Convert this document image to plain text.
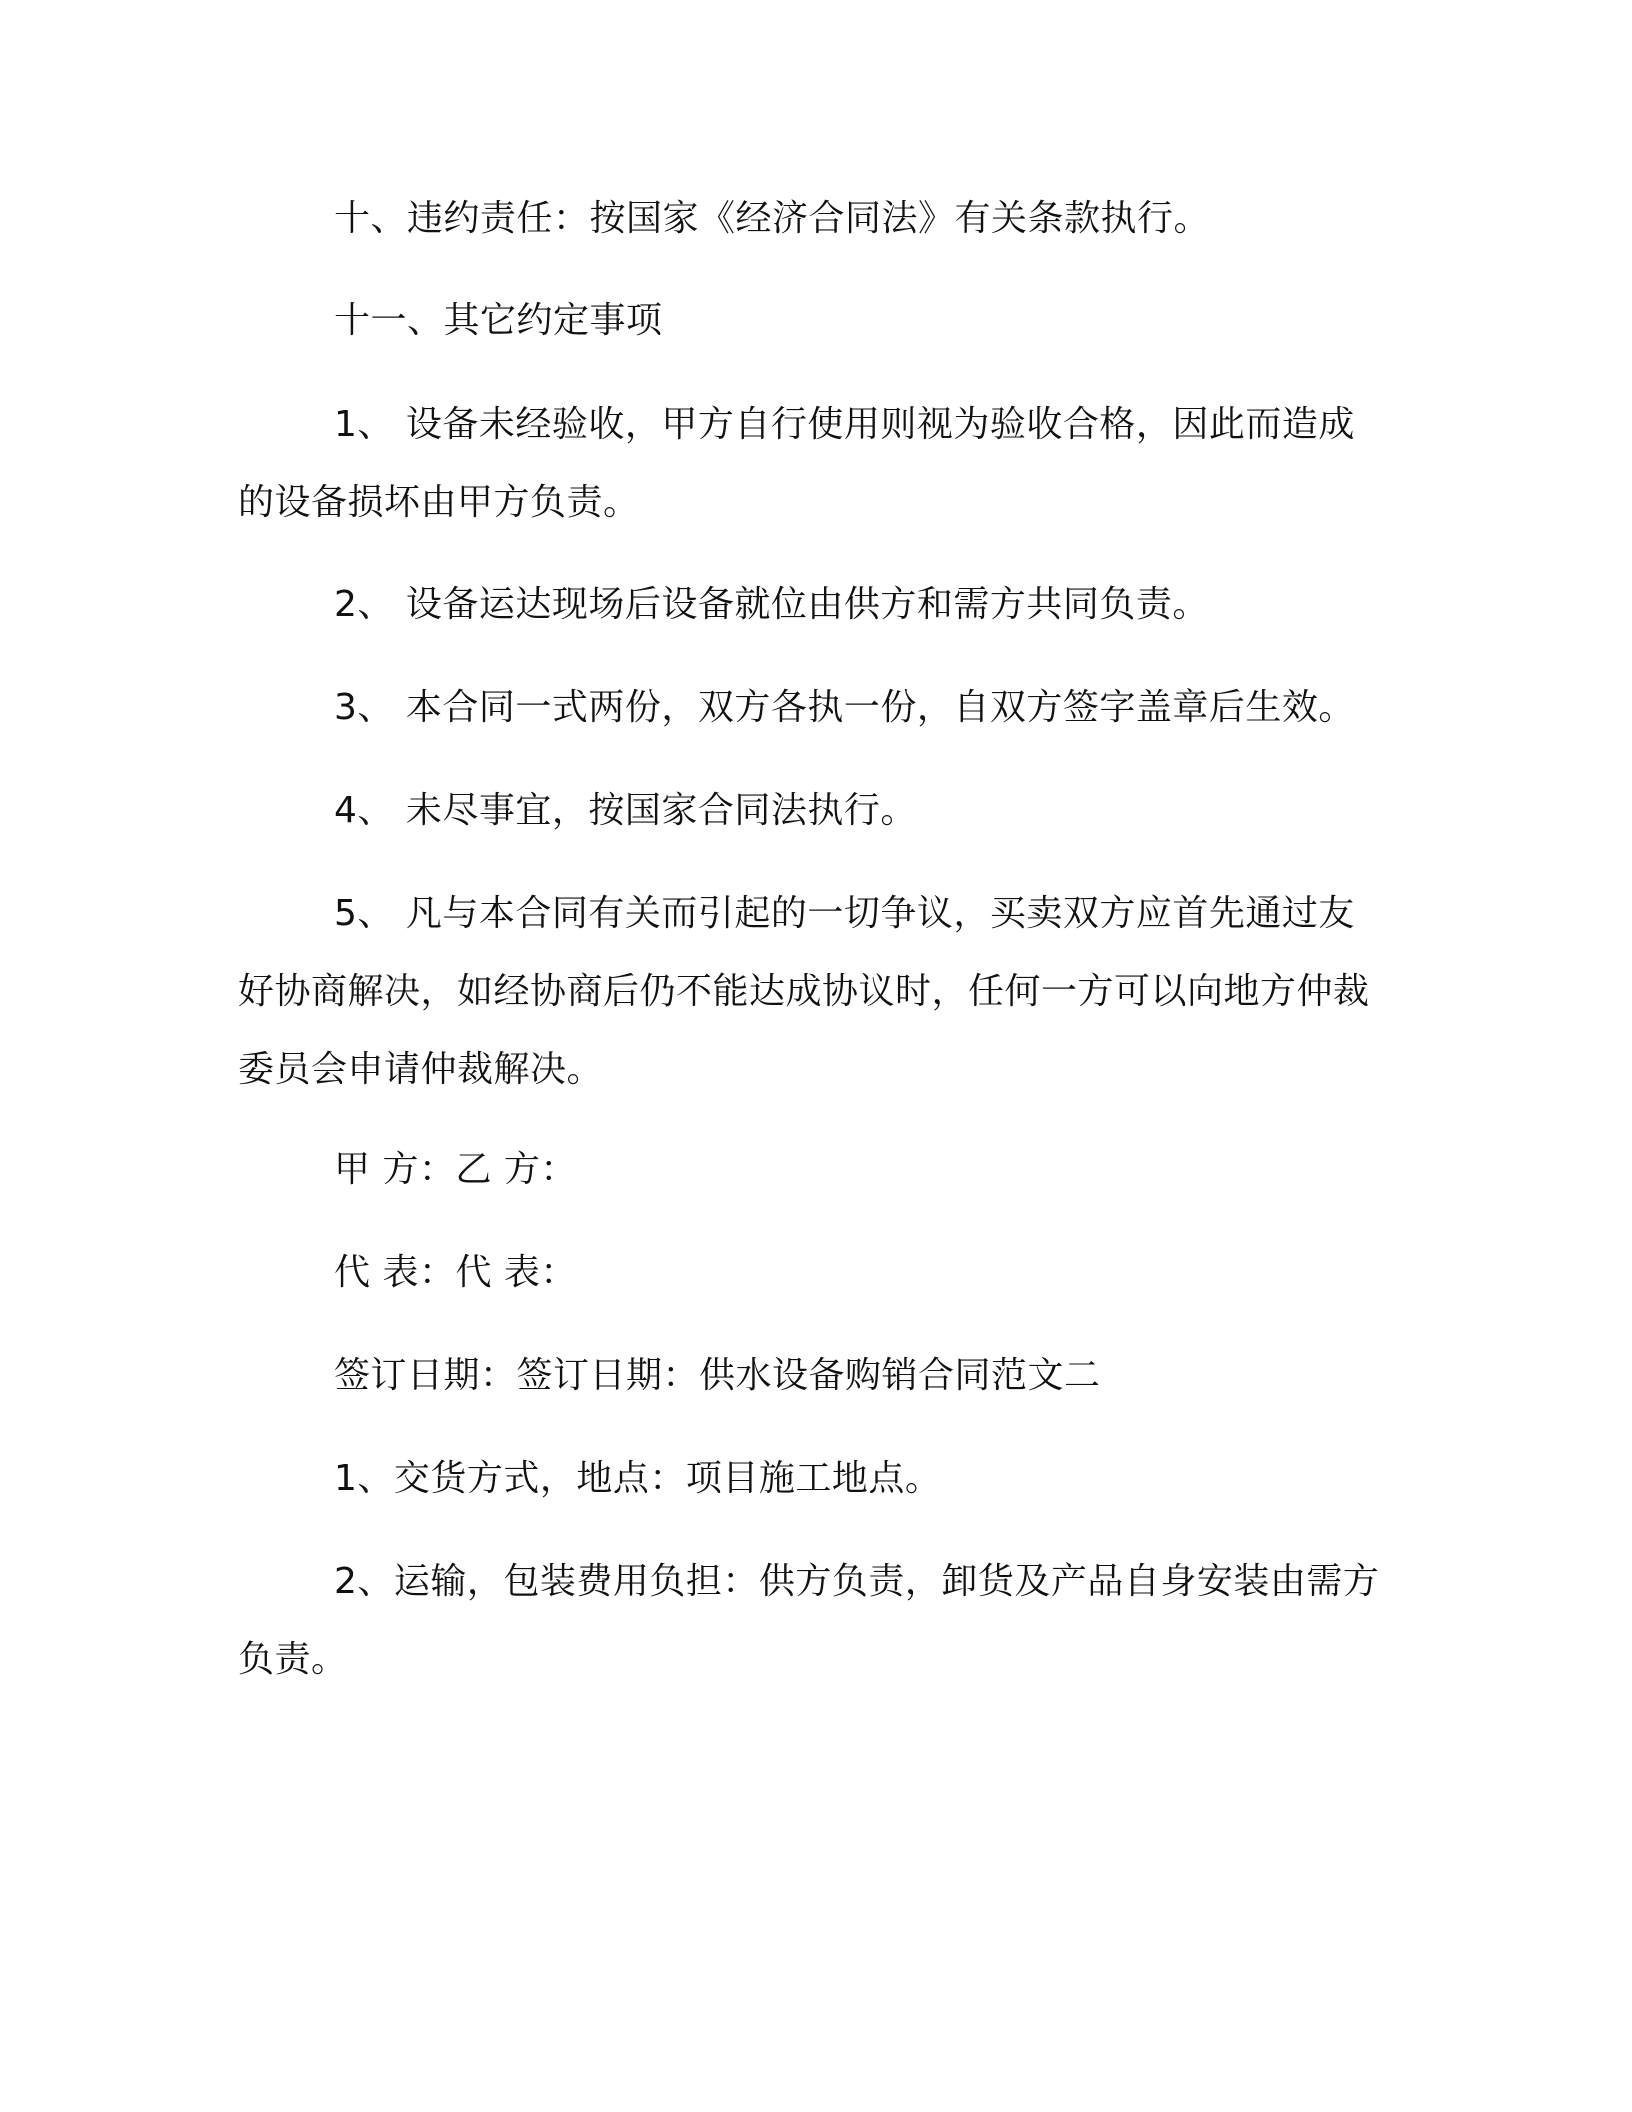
十、违约责任：按国家《经济合同法》有关条款执行。

十一、其它约定事项

1、 设备未经验收，甲方自行使用则视为验收合格，因此而造成的设备损坏由甲方负责。

2、 设备运达现场后设备就位由供方和需方共同负责。

3、 本合同一式两份，双方各执一份，自双方签字盖章后生效。

4、 未尽事宜，按国家合同法执行。

5、 凡与本合同有关而引起的一切争议，买卖双方应首先通过友好协商解决，如经协商后仍不能达成协议时，任何一方可以向地方仲裁委员会申请仲裁解决。

甲 方：乙 方：

代 表：代 表：

签订日期：签订日期：供水设备购销合同范文二

1、交货方式，地点：项目施工地点。

2、运输，包装费用负担：供方负责，卸货及产品自身安装由需方负责。
